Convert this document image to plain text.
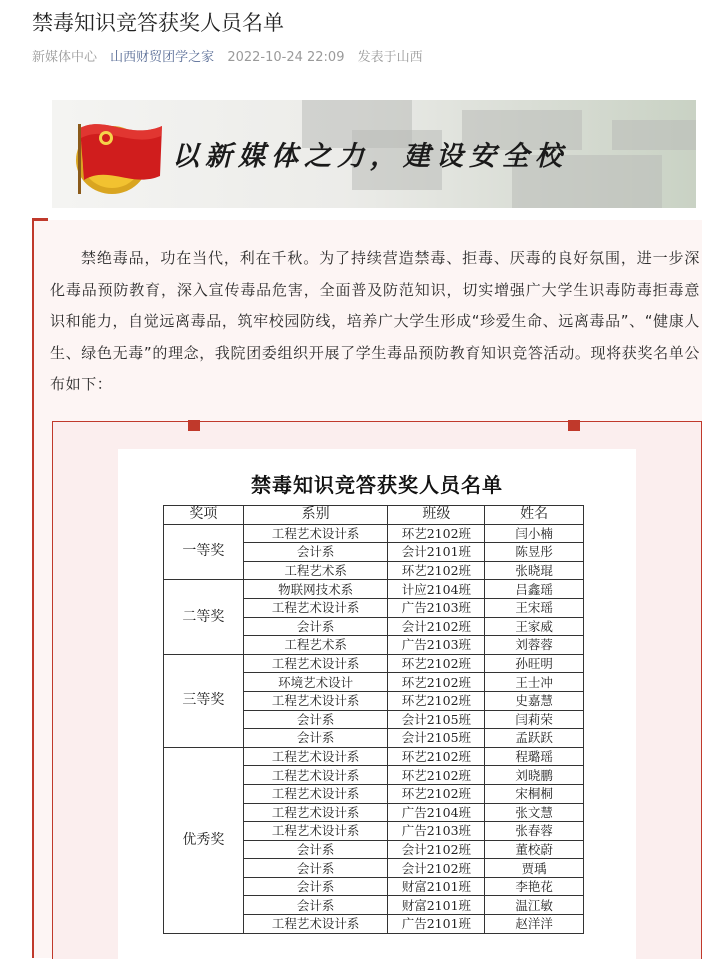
禁毒知识竞答获奖人员名单
新媒体中心 山西财贸团学之家 2022-10-24 22:09 发表于山西
以新媒体之力，建设安全校
禁绝毒品，功在当代，利在千秋。为了持续营造禁毒、拒毒、厌毒的良好氛围，进一步深化毒品预防教育，深入宣传毒品危害，全面普及防范知识，切实增强广大学生识毒防毒拒毒意识和能力，自觉远离毒品，筑牢校园防线，培养广大学生形成“珍爱生命、远离毒品”、“健康人生、绿色无毒”的理念，我院团委组织开展了学生毒品预防教育知识竞答活动。现将获奖名单公布如下：
禁毒知识竞答获奖人员名单
奖项	系别	班级	姓名
一等奖	工程艺术设计系	环艺2102班	闫小楠
	会计系	会计2101班	陈昱彤
	工程艺术系	环艺2102班	张晓琨
二等奖	物联网技术系	计应2104班	吕鑫瑶
	工程艺术设计系	广告2103班	王宋瑶
	会计系	会计2102班	王家威
	工程艺术系	广告2103班	刘蓉蓉
三等奖	工程艺术设计系	环艺2102班	孙旺明
	环境艺术设计	环艺2102班	王士冲
	工程艺术设计系	环艺2102班	史嘉慧
	会计系	会计2105班	闫莉荣
	会计系	会计2105班	孟跃跃
优秀奖	工程艺术设计系	环艺2102班	程璐瑶
	工程艺术设计系	环艺2102班	刘晓鹏
	工程艺术设计系	环艺2102班	宋桐桐
	工程艺术设计系	广告2104班	张文慧
	工程艺术设计系	广告2103班	张春蓉
	会计系	会计2102班	董校蔚
	会计系	会计2102班	贾瑀
	会计系	财富2101班	李艳花
	会计系	财富2101班	温江敏
	工程艺术设计系	广告2101班	赵洋洋
